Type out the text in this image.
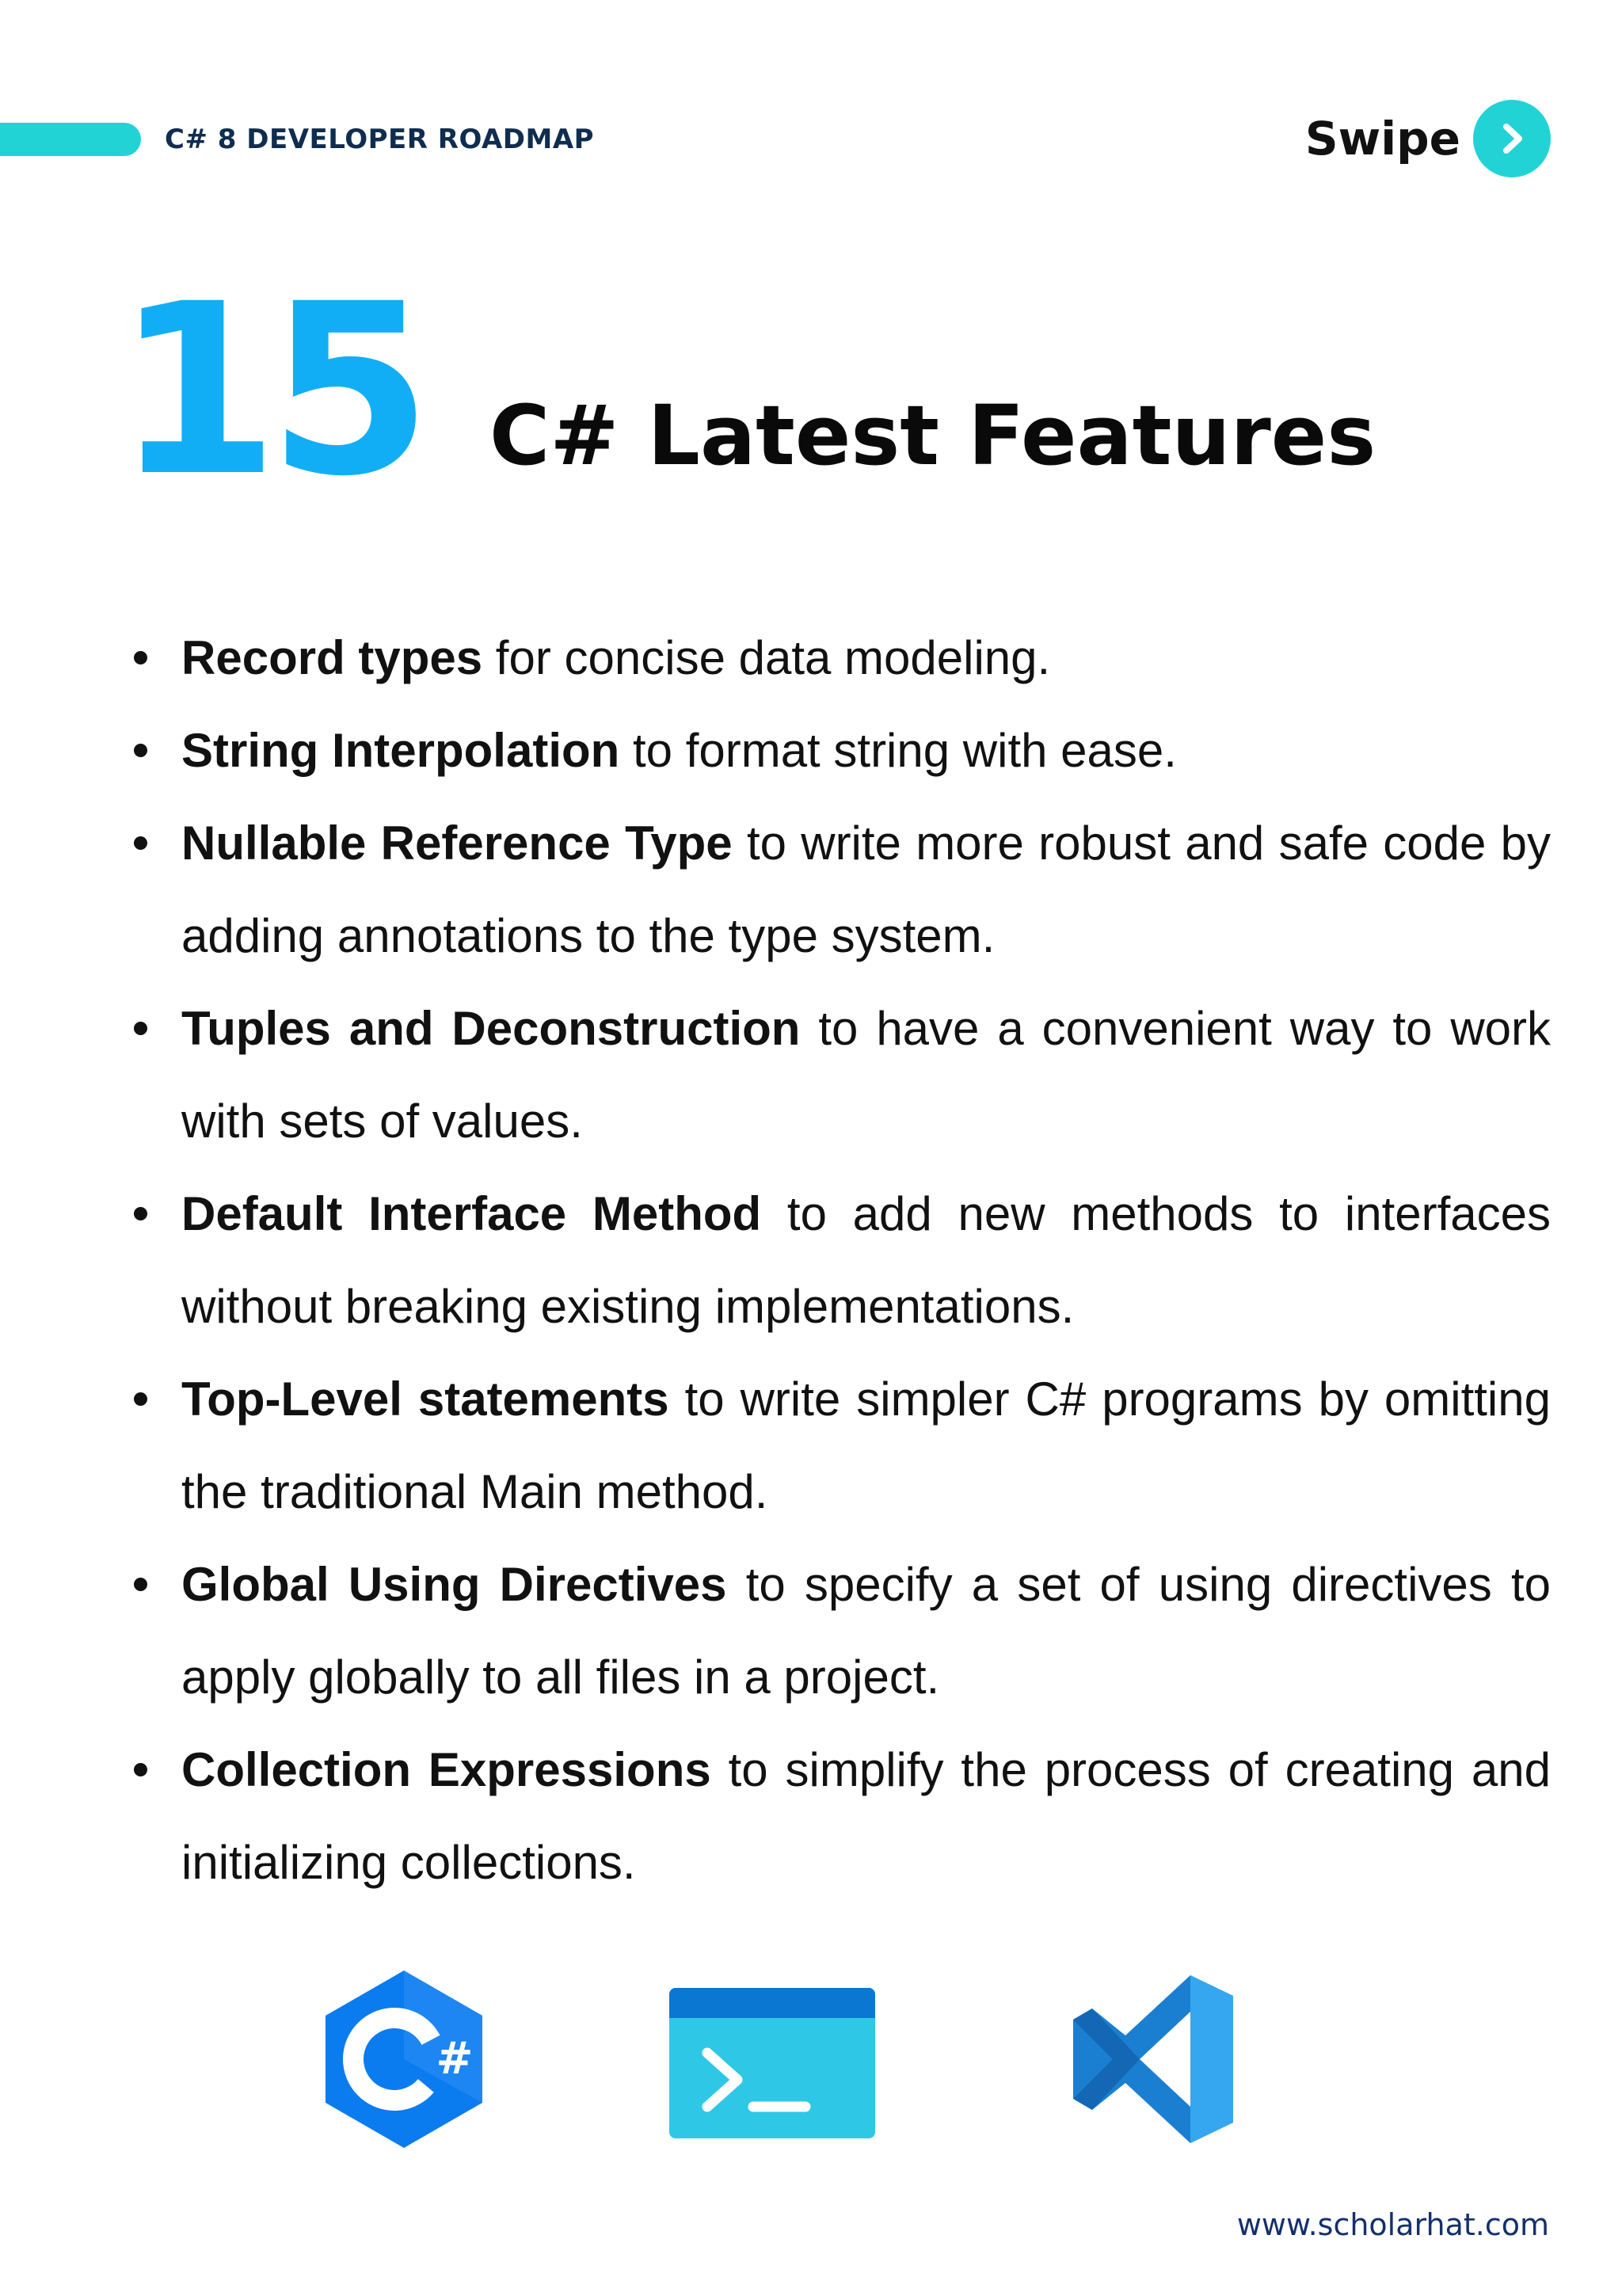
C# 8 DEVELOPER ROADMAP	Swipe
15 C# Latest Features
Record types for concise data modeling.
String Interpolation to format string with ease.
Nullable Reference Type to write more robust and safe code by adding annotations to the type system.
Tuples and Deconstruction to have a convenient way to work with sets of values.
Default Interface Method to add new methods to interfaces without breaking existing implementations.
Top-Level statements to write simpler C# programs by omitting the traditional Main method.
Global Using Directives to specify a set of using directives to apply globally to all files in a project.
Collection Expressions to simplify the process of creating and initializing collections.
#
www.scholarhat.com
